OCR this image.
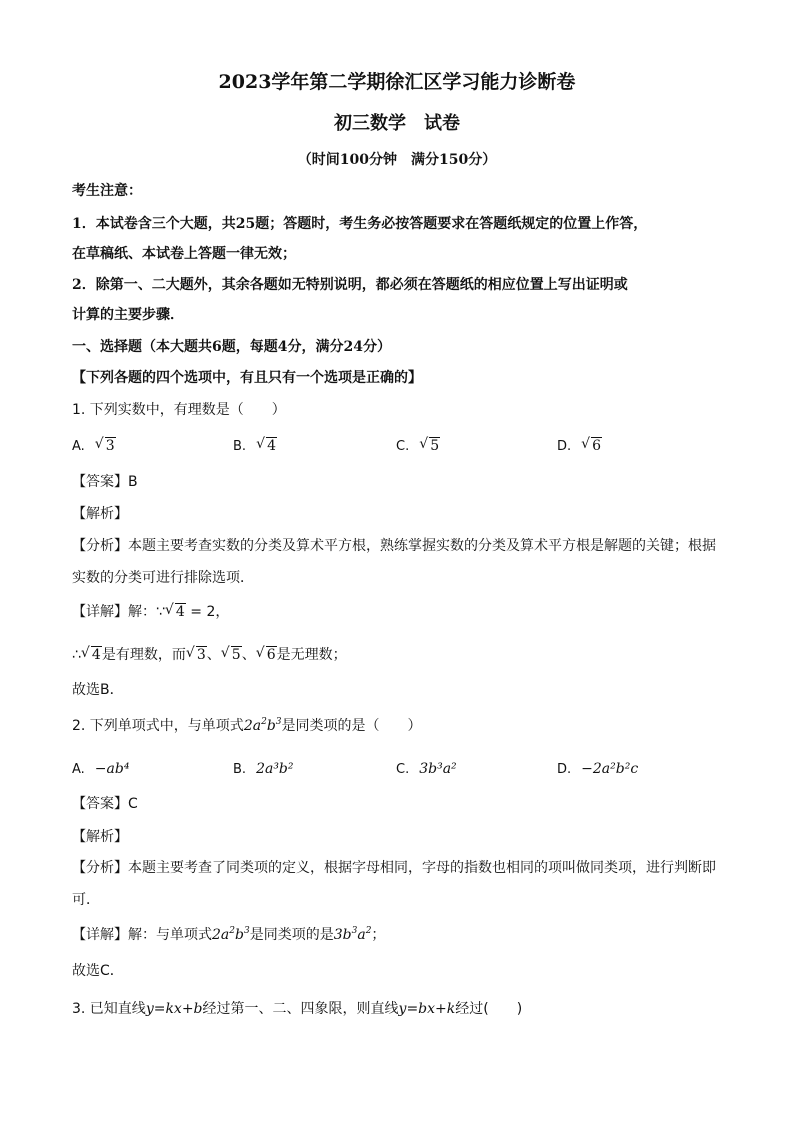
2023学年第二学期徐汇区学习能力诊断卷
初三数学　试卷
（时间100分钟　满分150分）
考生注意：
1．本试卷含三个大题，共25题；答题时，考生务必按答题要求在答题纸规定的位置上作答，
在草稿纸、本试卷上答题一律无效；
2．除第一、二大题外，其余各题如无特别说明，都必须在答题纸的相应位置上写出证明或
计算的主要步骤．
一、选择题（本大题共6题，每题4分，满分24分）
【下列各题的四个选项中，有且只有一个选项是正确的】
1. 下列实数中，有理数是（　　）
A. √ 3	B. √ 4	C. √ 5	D. √ 6
【答案】B
【解析】
【分析】本题主要考查实数的分类及算术平方根，熟练掌握实数的分类及算术平方根是解题的关键；根据
实数的分类可进行排除选项．
【详解】解：∵ √ 4 = 2，
∴ √ 4是有理数，而 √ 3、 √ 5、 √ 6是无理数；
故选B．
2. 下列单项式中，与单项式$2a^2b^3$是同类项的是（　　）
A. −ab⁴	B. 2a³b²	C. 3b³a²	D. −2a²b²c
【答案】C
【解析】
【分析】本题主要考查了同类项的定义，根据字母相同，字母的指数也相同的项叫做同类项，进行判断即
可．
【详解】解：与单项式$2a^2b^3$是同类项的是$3b^3a^2$；
故选C．
3. 已知直线y=kx+b经过第一、二、四象限，则直线y=bx+k经过(　　)
